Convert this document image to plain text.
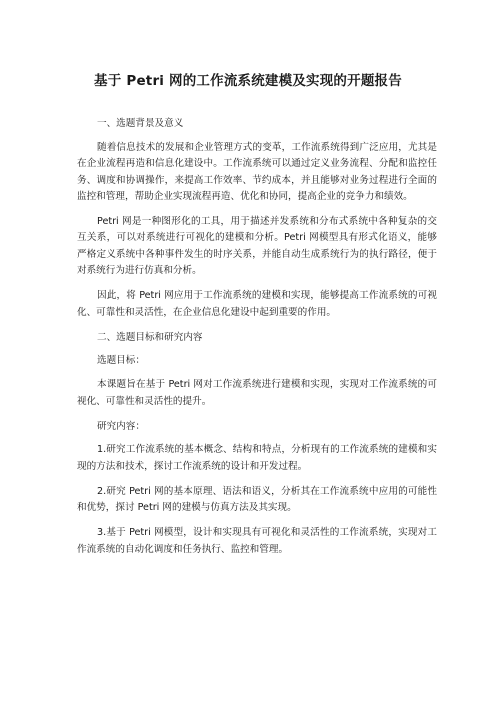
基于 Petri 网的工作流系统建模及实现的开题报告

一、选题背景及意义

随着信息技术的发展和企业管理方式的变革，工作流系统得到广泛应用，尤其是在企业流程再造和信息化建设中。工作流系统可以通过定义业务流程、分配和监控任务、调度和协调操作，来提高工作效率、节约成本，并且能够对业务过程进行全面的监控和管理，帮助企业实现流程再造、优化和协同，提高企业的竞争力和绩效。

Petri 网是一种图形化的工具，用于描述并发系统和分布式系统中各种复杂的交互关系，可以对系统进行可视化的建模和分析。Petri 网模型具有形式化语义，能够严格定义系统中各种事件发生的时序关系，并能自动生成系统行为的执行路径，便于对系统行为进行仿真和分析。

因此，将 Petri 网应用于工作流系统的建模和实现，能够提高工作流系统的可视化、可靠性和灵活性，在企业信息化建设中起到重要的作用。

二、选题目标和研究内容

选题目标：

本课题旨在基于 Petri 网对工作流系统进行建模和实现，实现对工作流系统的可视化、可靠性和灵活性的提升。

研究内容：

1.研究工作流系统的基本概念、结构和特点，分析现有的工作流系统的建模和实现的方法和技术，探讨工作流系统的设计和开发过程。

2.研究 Petri 网的基本原理、语法和语义，分析其在工作流系统中应用的可能性和优势，探讨 Petri 网的建模与仿真方法及其实现。

3.基于 Petri 网模型，设计和实现具有可视化和灵活性的工作流系统，实现对工作流系统的自动化调度和任务执行、监控和管理。
